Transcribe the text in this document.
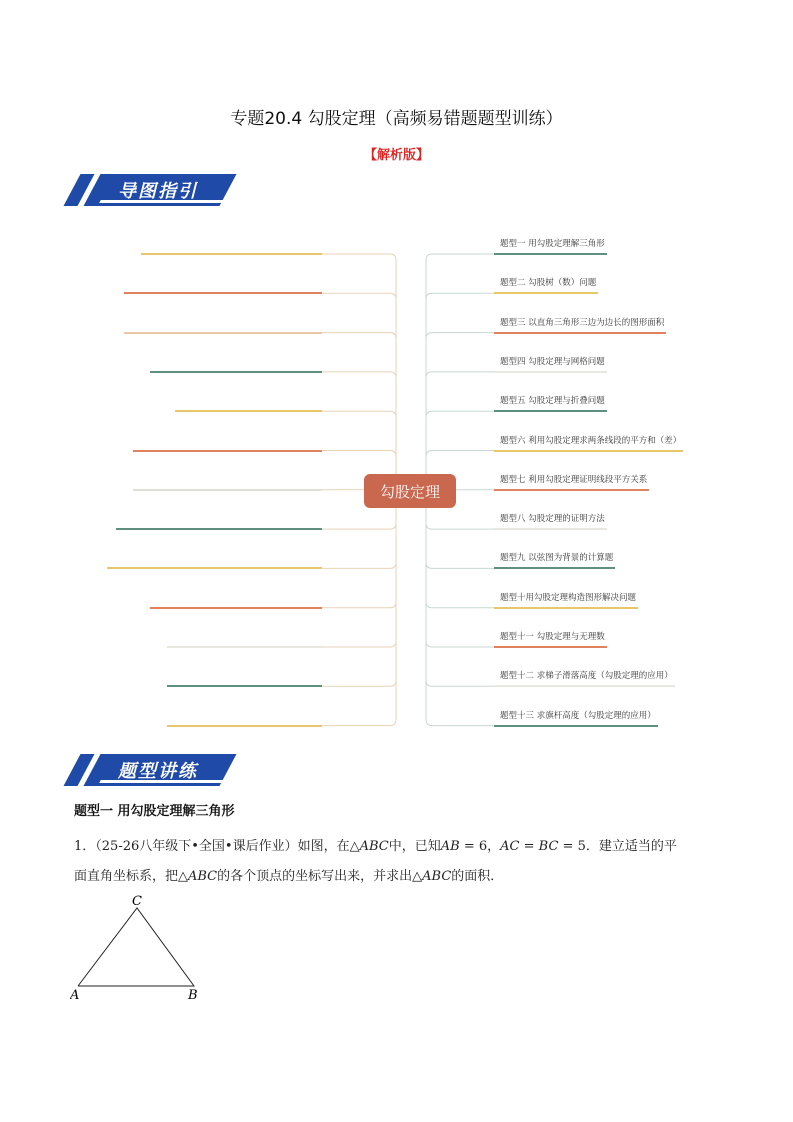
专题20.4 勾股定理（高频易错题题型训练）
【解析版】
导图指引
题型一 用勾股定理解三角形
题型二 勾股树（数）问题
题型三 以直角三角形三边为边长的图形面积
题型四 勾股定理与网格问题
题型五 勾股定理与折叠问题
题型六 利用勾股定理求两条线段的平方和（差）
题型七 利用勾股定理证明线段平方关系
题型八 勾股定理的证明方法
题型九 以弦图为背景的计算题
题型十用勾股定理构造图形解决问题
题型十一 勾股定理与无理数
题型十二 求梯子滑落高度（勾股定理的应用）
题型十三 求旗杆高度（勾股定理的应用）
勾股定理
题型讲练
题型一 用勾股定理解三角形
1．（25-26八年级下•全国•课后作业）如图，在△ABC中，已知AB = 6，AC = BC = 5．建立适当的平
面直角坐标系，把△ABC的各个顶点的坐标写出来，并求出△ABC的面积．
A	B
C
